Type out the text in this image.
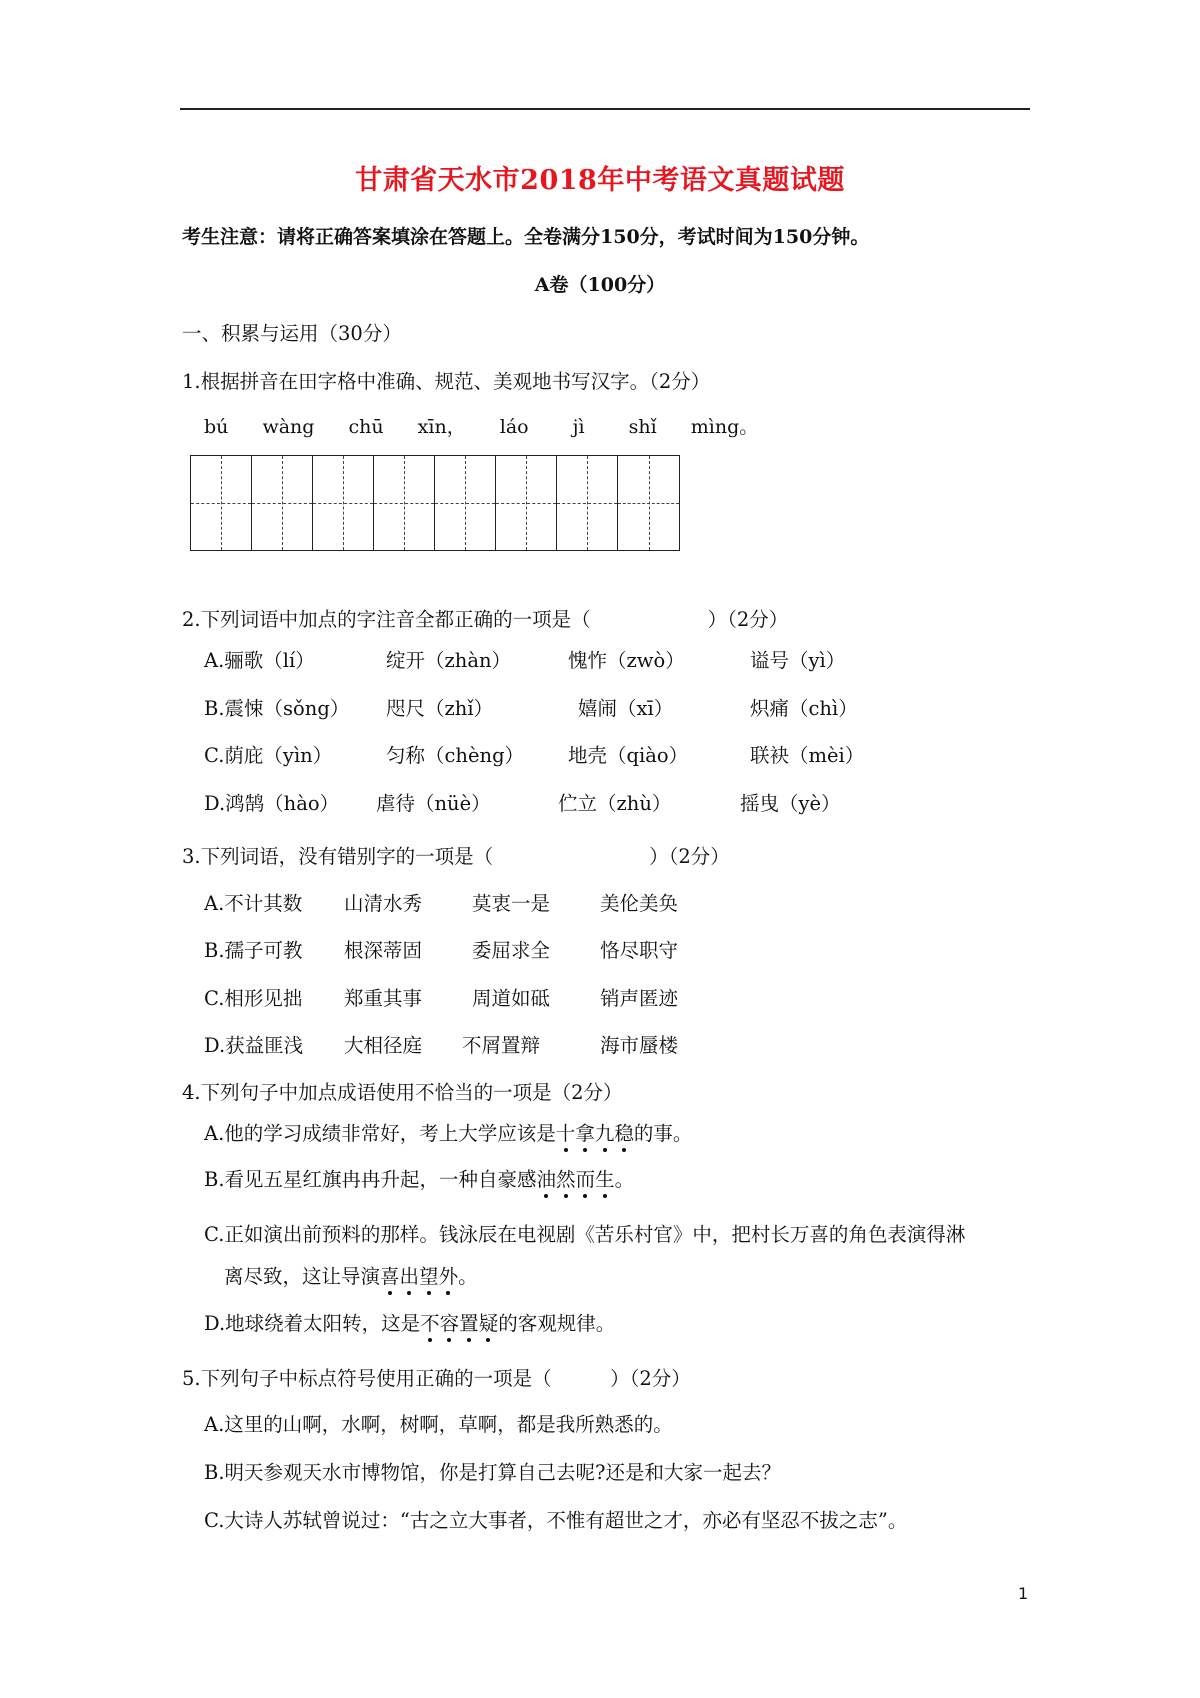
甘肃省天水市2018年中考语文真题试题
考生注意：请将正确答案填涂在答题上。全卷满分150分，考试时间为150分钟。
A卷（100分）
一、积累与运用（30分）
1.根据拼音在田字格中准确、规范、美观地书写汉字。（2分）
bú wàng chū xīn， láo jì shǐ mìng。
2.下列词语中加点的字注音全都正确的一项是（　　　　　　）（2分）
A.骊歌（lí）	绽开（zhàn）	愧怍（zwò）	谥号（yì）
B.震悚（sǒng） 咫尺（zhǐ）	嬉闹（xī）	炽痛（chì）
C.荫庇（yìn）	匀称（chèng） 地壳（qiào）	联袂（mèi）
D.鸿鹄（hào） 虐待（nüè）	伫立（zhù）	摇曳（yè）
3.下列词语，没有错别字的一项是（　　　　　　　　）（2分）
A.不计其数 山清水秀	莫衷一是	美伦美奂
B.孺子可教 根深蒂固	委屈求全	恪尽职守
C.相形见拙 郑重其事	周道如砥	销声匿迹
D.获益匪浅 大相径庭 不屑置辩	海市蜃楼
4.下列句子中加点成语使用不恰当的一项是（2分）
A.他的学习成绩非常好，考上大学应该是十拿九稳的事。
B.看见五星红旗冉冉升起，一种自豪感油然而生。
C.正如演出前预料的那样。钱泳辰在电视剧《苦乐村官》中，把村长万喜的角色表演得淋
离尽致，这让导演喜出望外。
D.地球绕着太阳转，这是不容置疑的客观规律。
5.下列句子中标点符号使用正确的一项是（　　　）（2分）
A.这里的山啊，水啊，树啊，草啊，都是我所熟悉的。
B.明天参观天水市博物馆，你是打算自己去呢?还是和大家一起去？
C.大诗人苏轼曾说过：“古之立大事者，不惟有超世之才，亦必有坚忍不拔之志”。
1
